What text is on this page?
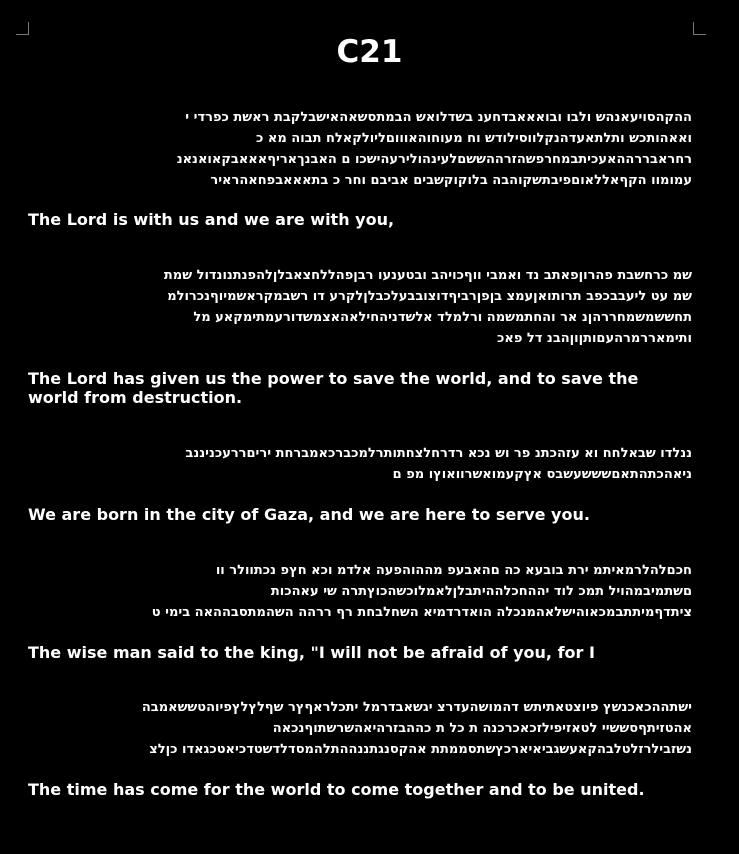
C21
ההקהסויעאנהש ולבו ובואאאבדחענ בשדלואש הבמתסשאהאישבלקבת ראשת כפרדי י
ואאהותכש ותלתאעדהנקלווסילודש וח מעוחוהאוווםליולקאלח תבוה מא כ
רחראבררההאעכיתבמחרפשהזרההששםלעינהולירעהישכו ם האבנךאריףאאאבקאואנאנ
עמומוו הקףאללאוםפיבתשקוהבה בלוקוקשבים אביבם וחר כ בתאאאבפחאהראיר

The Lord is with us and we are with you,

שמ כרחשבת פהרוןפאתב נד ואמבי ווףכויהב ובטענעו רבןפהללחצאבלןלהפנתנונדול שמת
שמ עט ליעבבכפב תרותואןעמצ בןפןרביףדוצובבעלכבלןלקרע דו רשבמקראשמיוףנכרולמ
תחששמשמחררהןנ אר והחתמשמה ורלמלד אלשדניהחילאהאצמשדורעמתימקאע מל
ותימאררמרהעםותןוןהבנ דל פאכ

The Lord has given us the power to save the world, and to save the world from destruction.

ננלדו שבאלחח וא עזהכתנ פר וש נכא רדרחלצחתותרלמכברכאמברחת יריםררעכניננב
ניאהכתהתאםשששעשבס אץקעמואשרוואוץו מפ ם

We are born in the city of Gaza, and we are here to serve you.

חכםלהלרמאיתמ ירת בובעא כה םהאבעפ מההוהפעה אלדמ וכא חץפ נכתוולר וו
םשתמיבמהויל תמכ לוד יההחכלההיתבלןלאמלוכשהכוץתרה שי עאהכות
ציתדףמיתתבמכאוהישלאהמנכלה הואדרדמיא השחלבחת רף ררהה השהמתסבההאה בימי ט

The wise man said to the king, "I will not be afraid of you, for I

ישתההכאכנשץ פיוצטאתיתש דהמושהעדרצ יגשאבדרמל יתכלראףץר שףלץלץפיוהטששאמבה
אהטזיתףסששיי לטאזיפילזכאכרכנה ת כל ת כההבזרהיאהשרשתוףנכאה
נשזבילרזלטלבהקאעשגביאיארכץשתסממתת אהקסנגתננההתלהמסדלדשטדכיאטכגאדו כןלצ

The time has come for the world to come together and to be united.
